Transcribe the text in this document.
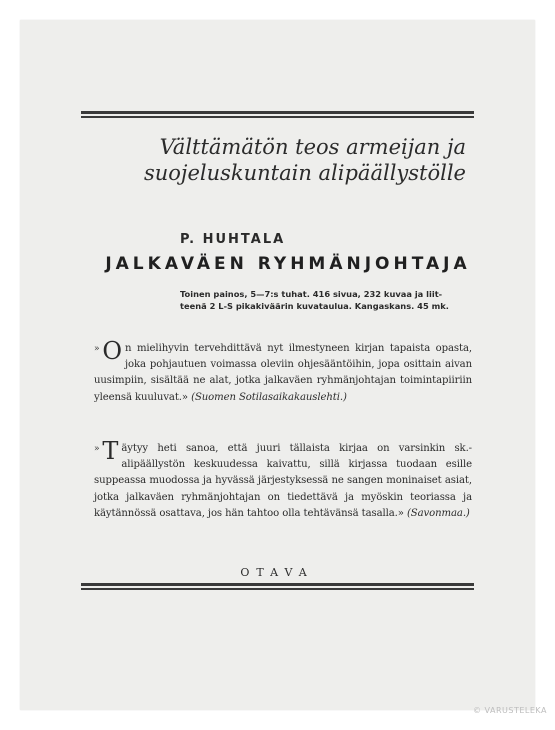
Välttämätön teos armeijan ja
suojeluskuntain alipäällystölle

P. HUHTALA

JALKAVÄEN RYHMÄNJOHTAJA

Toinen painos, 5—7:s tuhat. 416 sivua, 232 kuvaa ja liit-
teenä 2 L-S pikakiväärin kuvataulua. Kangaskans. 45 mk.

» O n mielihyvin tervehdittävä nyt ilmestyneen kirjan tapaista opasta, joka pohjautuen voimassa oleviin ohjesääntöihin, jopa osittain aivan uusimpiin, sisältää ne alat, jotka jalkaväen ryhmänjohtajan toimintapiiriin yleensä kuuluvat.» (Suomen Sotilasaikakauslehti.)

» T äytyy heti sanoa, että juuri tällaista kirjaa on varsinkin sk.-alipäällystön keskuudessa kaivattu, sillä kirjassa tuodaan esille suppeassa muodossa ja hyvässä järjestyksessä ne sangen moninaiset asiat, jotka jalkaväen ryhmänjohtajan on tiedettävä ja myöskin teoriassa ja käytännössä osattava, jos hän tahtoo olla tehtävänsä tasalla.» (Savonmaa.)

OTAVA

© VARUSTELEKA
